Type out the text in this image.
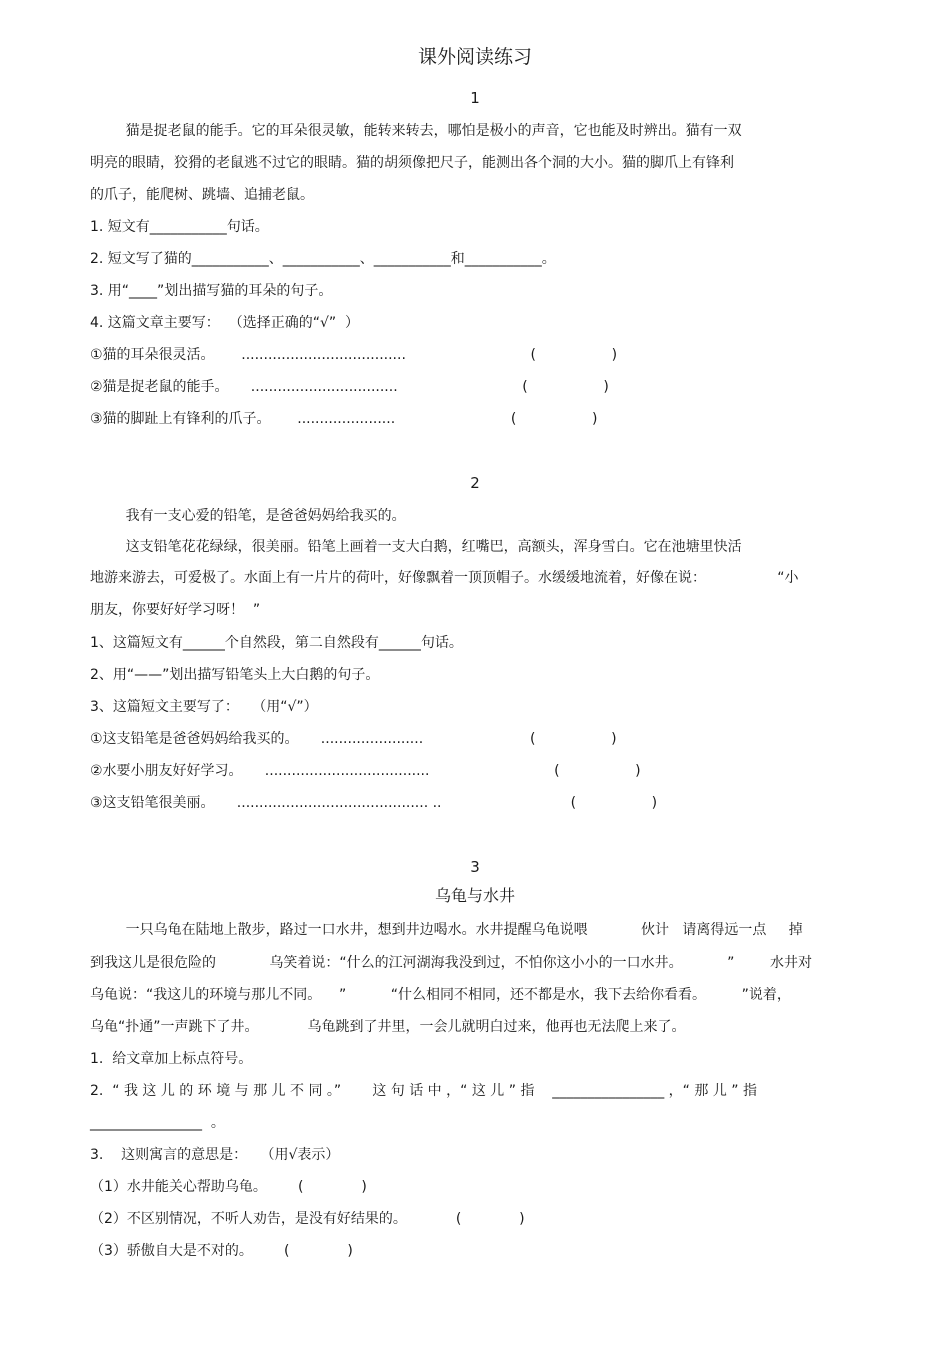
课外阅读练习
1
猫是捉老鼠的能手。它的耳朵很灵敏，能转来转去，哪怕是极小的声音，它也能及时辨出。猫有一双
明亮的眼睛，狡猾的老鼠逃不过它的眼睛。猫的胡须像把尺子，能测出各个洞的大小。猫的脚爪上有锋利
的爪子，能爬树、跳墙、追捕老鼠。
1. 短文有___________句话。
2. 短文写了猫的___________、___________、___________和___________。
3. 用“____”划出描写猫的耳朵的句子。
4. 这篇文章主要写：  （选择正确的“√”  ）
①猫的耳朵很灵活。      .....................................                            (                 )
②猫是捉老鼠的能手。     .................................                            (                 )
③猫的脚趾上有锋利的爪子。      ......................                          (                 )
2
我有一支心爱的铅笔，是爸爸妈妈给我买的。
这支铅笔花花绿绿，很美丽。铅笔上画着一支大白鹅，红嘴巴，高额头，浑身雪白。它在池塘里快活
地游来游去，可爱极了。水面上有一片片的荷叶，好像飘着一顶顶帽子。水缓缓地流着，好像在说：                “小
朋友，你要好好学习呀！  ”
1、这篇短文有______个自然段，第二自然段有______句话。
2、用“——”划出描写铅笔头上大白鹅的句子。
3、这篇短文主要写了：   （用“√”）
①这支铅笔是爸爸妈妈给我买的。     .......................                        (                 )
②水要小朋友好好学习。     .....................................                            (                 )
③这支铅笔很美丽。     ........................................... ..                             (                 )
3
乌龟与水井
一只乌龟在陆地上散步，路过一口水井，想到井边喝水。水井提醒乌龟说喂            伙计   请离得远一点     掉
到我这儿是很危险的            乌笑着说：“什么的江河湖海我没到过，不怕你这小小的一口水井。          ”        水井对
乌龟说：“我这儿的环境与那儿不同。    ”          “什么相同不相同，还不都是水，我下去给你看看。        ”说着，
乌龟“扑通”一声跳下了井。           乌龟跳到了井里，一会儿就明白过来，他再也无法爬上来了。
1.  给文章加上标点符号。
2.  “ 我 这 儿 的 环 境 与 那 儿 不 同 。”       这 句 话 中 ，“ 这 儿 ” 指    ________________ ，“ 那 儿 ” 指
________________  。
3.    这则寓言的意思是：   （用√表示）
（1）水井能关心帮助乌龟。       (             )
（2）不区别情况，不听人劝告，是没有好结果的。           (             )
（3）骄傲自大是不对的。       (             )
